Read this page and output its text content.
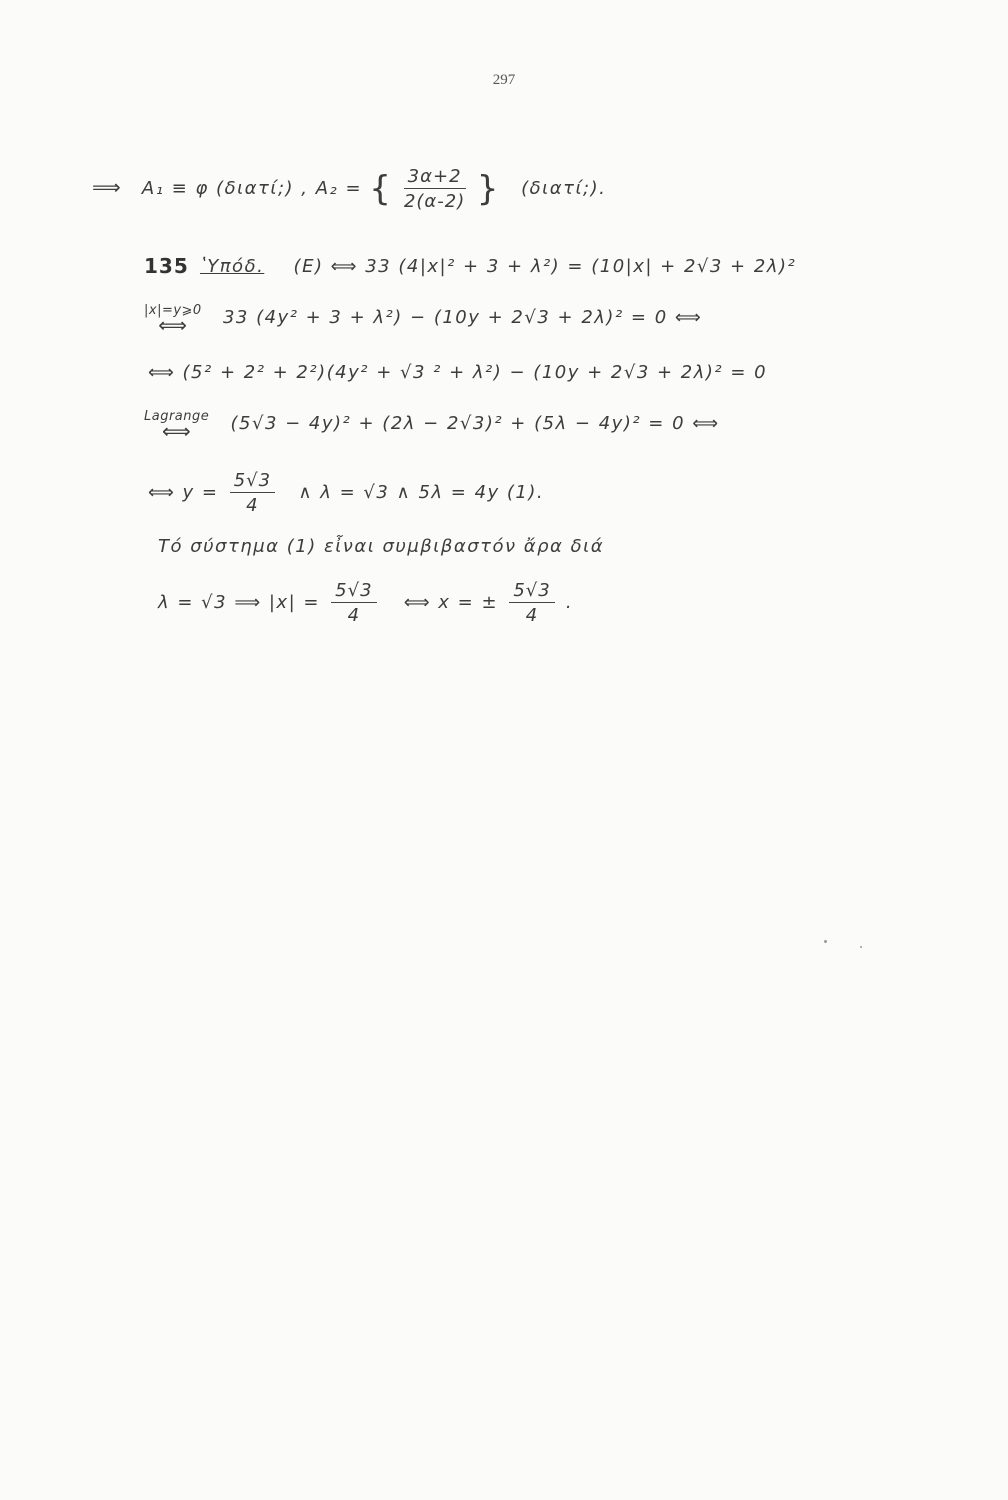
297
⟹ A₁ ≡ φ (διατί;) , A₂ = { $\frac{3\alpha+2}{2(\alpha-2)}$ } (διατί;).
135 ʽΥπόδ. (Ε) ⟺ 33 (4|x|² + 3 + λ²) = (10|x| + 2√3 + 2λ)²
|x|=y⩾0
⟺	33 (4y² + 3 + λ²) − (10y + 2√3 + 2λ)² = 0 ⟺
⟺ (5² + 2² + 2²)(4y² + √3 ² + λ²) − (10y + 2√3 + 2λ)² = 0
Lagrange
⟺	(5√3 − 4y)² + (2λ − 2√3)² + (5λ − 4y)² = 0 ⟺
⟺ $y = \frac{5√3}{4}$ ∧ λ = √3 ∧ 5λ = 4y (1).
Τό σύστημα (1) εἶναι συμβιβαστόν ἄρα διά
λ = √3 ⟹ $|x| = \frac{5√3}{4}$ ⟺ x = ± $\frac{5√3}{4}$ .
